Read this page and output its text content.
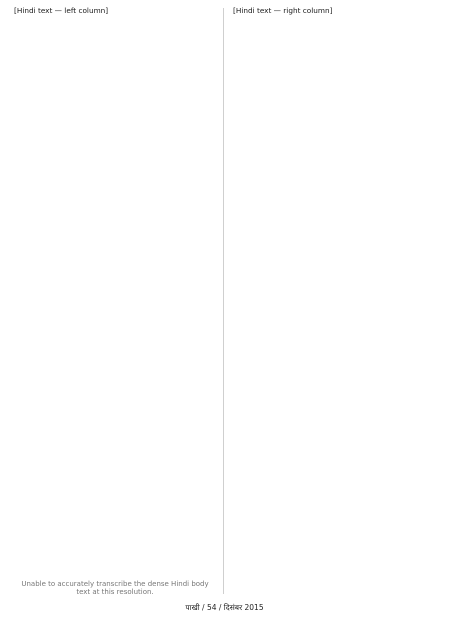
[Hindi text — left column]

Unable to accurately transcribe the dense Hindi body text at this resolution.

[Hindi text — right column]

पाखी / 54 / दिसंबर 2015
